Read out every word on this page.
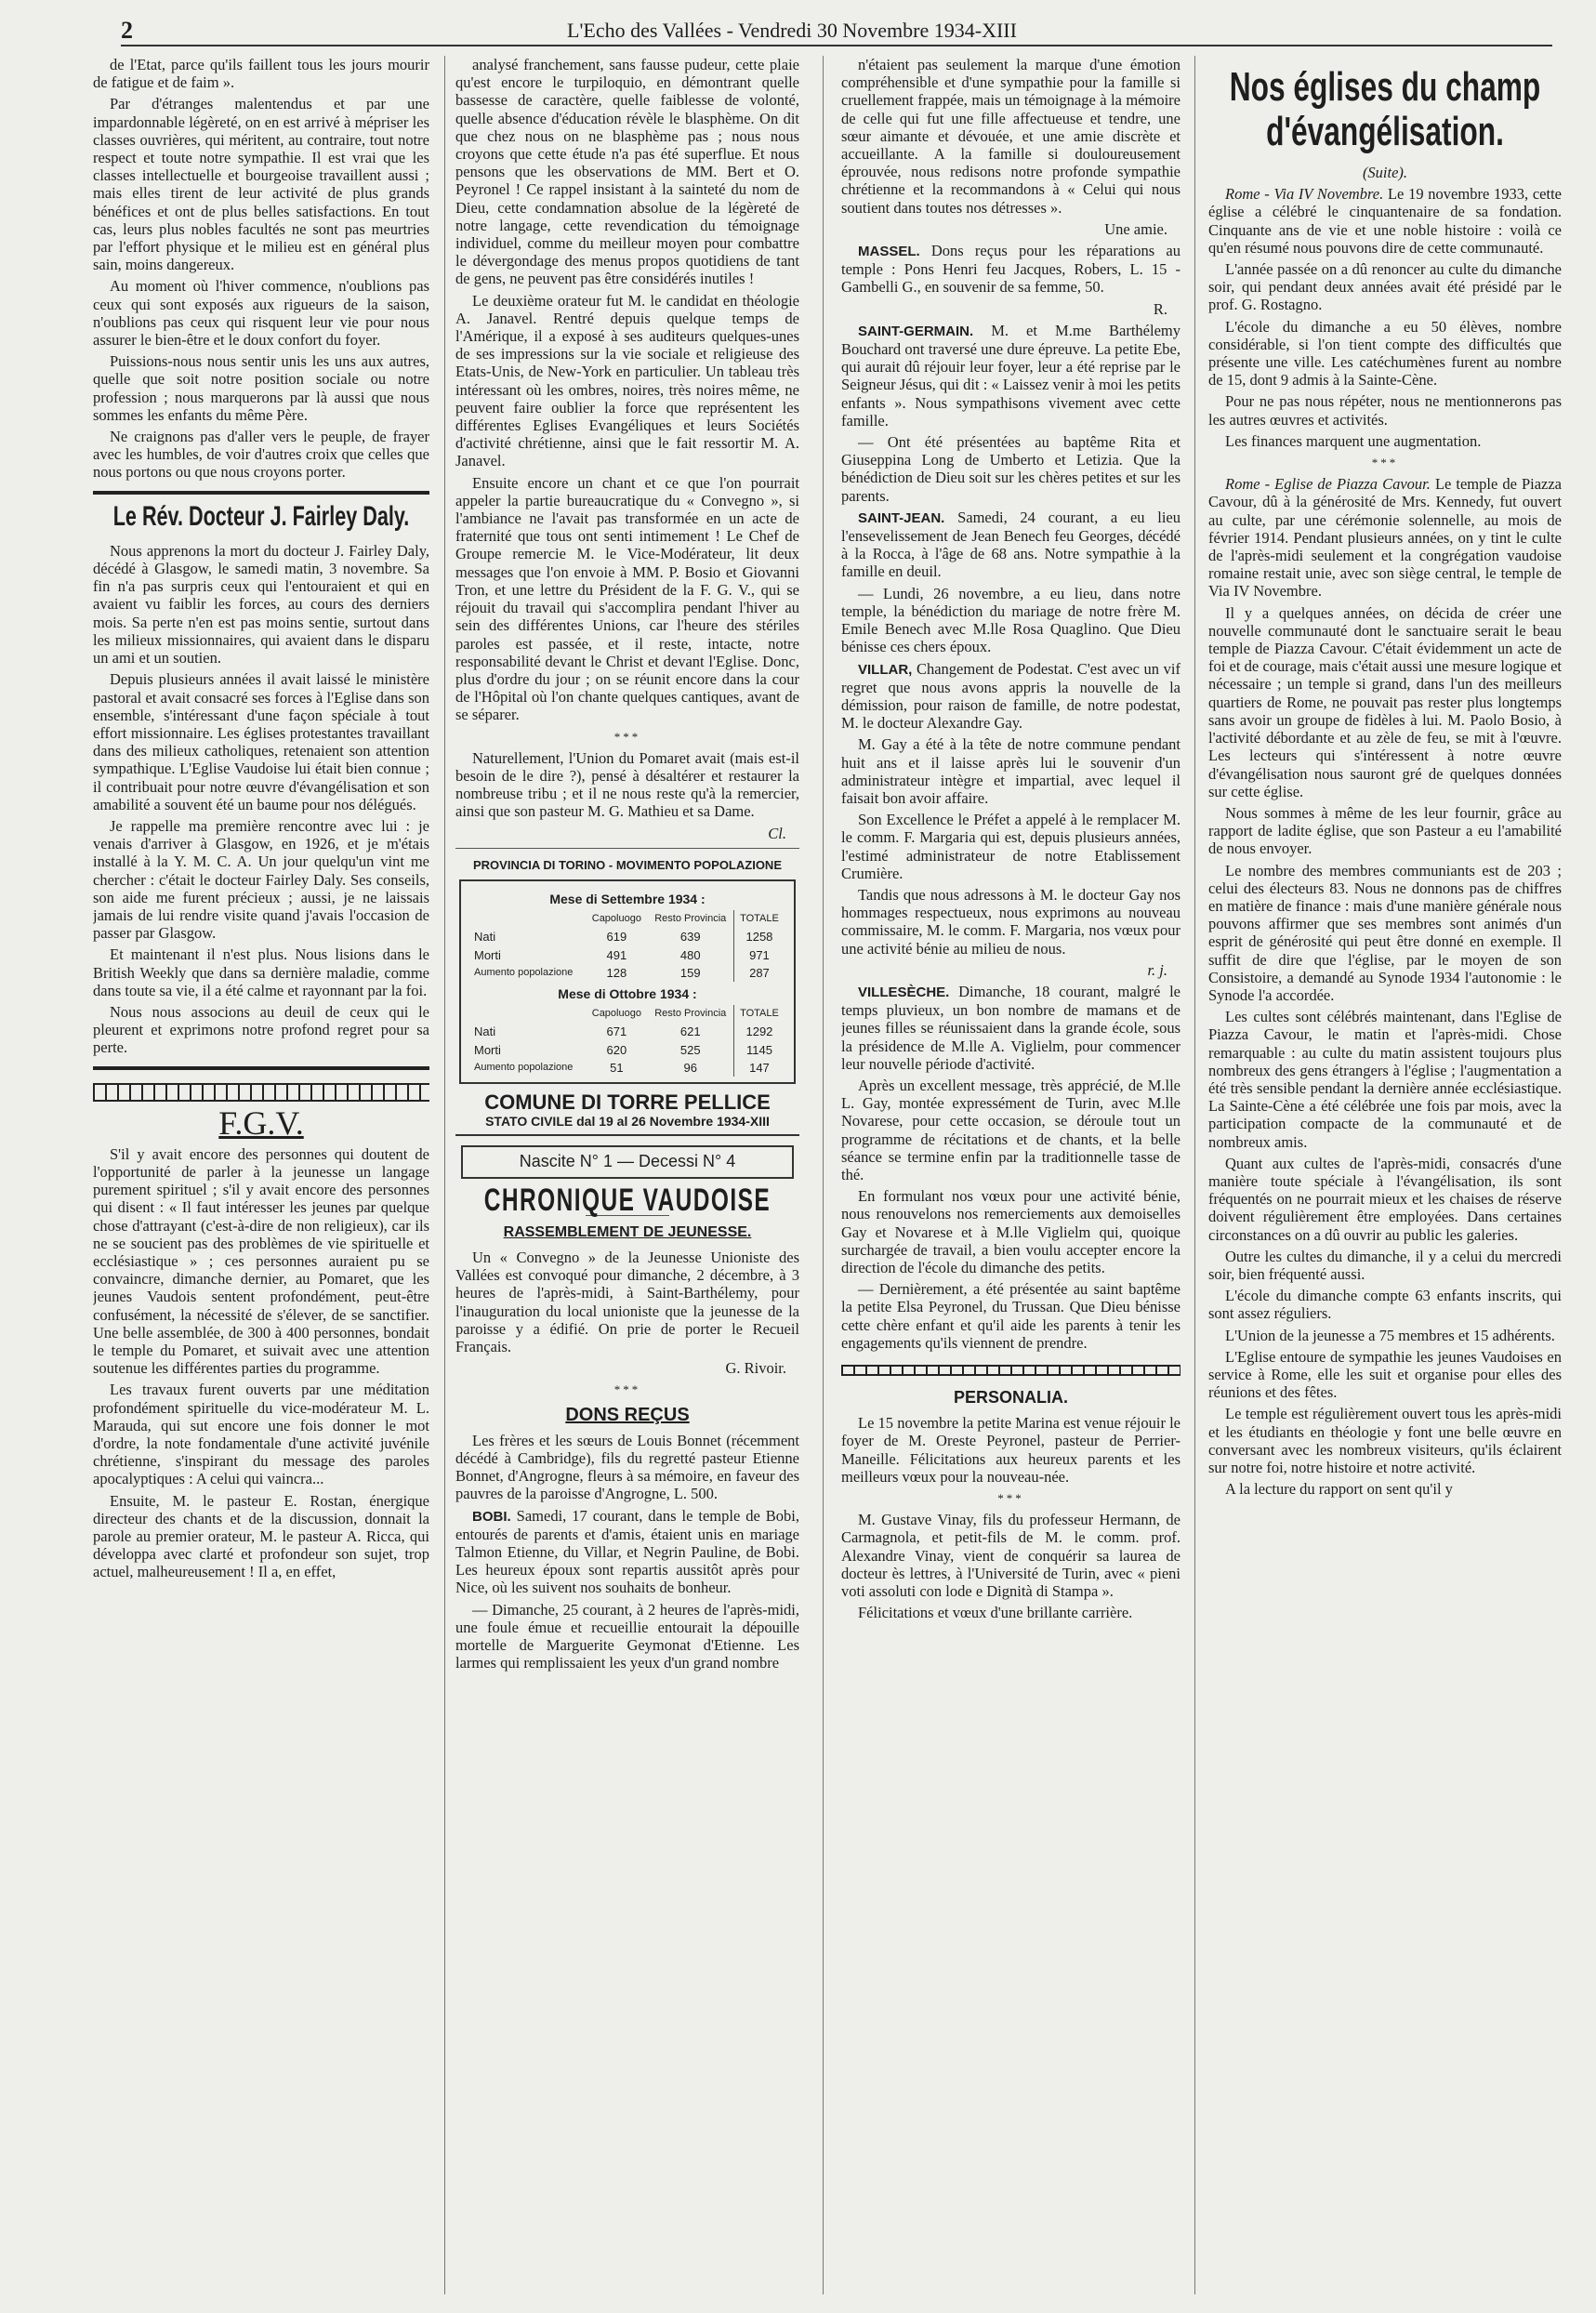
2	L'Echo des Vallées - Vendredi 30 Novembre 1934-XIII

de l'Etat, parce qu'ils faillent tous les jours mourir de fatigue et de faim ».

Par d'étranges malentendus et par une impardonnable légèreté, on en est arrivé à mépriser les classes ouvrières, qui méritent, au contraire, tout notre respect et toute notre sympathie. Il est vrai que les classes intellectuelle et bourgeoise travaillent aussi ; mais elles tirent de leur activité de plus grands bénéfices et ont de plus belles satisfactions. En tout cas, leurs plus nobles facultés ne sont pas meurtries par l'effort physique et le milieu est en général plus sain, moins dangereux.

Au moment où l'hiver commence, n'oublions pas ceux qui sont exposés aux rigueurs de la saison, n'oublions pas ceux qui risquent leur vie pour nous assurer le bien-être et le doux confort du foyer.

Puissions-nous nous sentir unis les uns aux autres, quelle que soit notre position sociale ou notre profession ; nous marquerons par là aussi que nous sommes les enfants du même Père.

Ne craignons pas d'aller vers le peuple, de frayer avec les humbles, de voir d'autres croix que celles que nous portons ou que nous croyons porter.

Le Rév. Docteur J. Fairley Daly.

Nous apprenons la mort du docteur J. Fairley Daly, décédé à Glasgow, le samedi matin, 3 novembre. Sa fin n'a pas surpris ceux qui l'entouraient et qui en avaient vu faiblir les forces, au cours des derniers mois. Sa perte n'en est pas moins sentie, surtout dans les milieux missionnaires, qui avaient dans le disparu un ami et un soutien.

Depuis plusieurs années il avait laissé le ministère pastoral et avait consacré ses forces à l'Eglise dans son ensemble, s'intéressant d'une façon spéciale à tout effort missionnaire. Les églises protestantes travaillant dans des milieux catholiques, retenaient son attention sympathique. L'Eglise Vaudoise lui était bien connue ; il contribuait pour notre œuvre d'évangélisation et son amabilité a souvent été un baume pour nos délégués.

Je rappelle ma première rencontre avec lui : je venais d'arriver à Glasgow, en 1926, et je m'étais installé à la Y. M. C. A. Un jour quelqu'un vint me chercher : c'était le docteur Fairley Daly. Ses conseils, son aide me furent précieux ; aussi, je ne laissais jamais de lui rendre visite quand j'avais l'occasion de passer par Glasgow.

Et maintenant il n'est plus. Nous lisions dans le British Weekly que dans sa dernière maladie, comme dans toute sa vie, il a été calme et rayonnant par la foi.

Nous nous associons au deuil de ceux qui le pleurent et exprimons notre profond regret pour sa perte.

F.G.V.

S'il y avait encore des personnes qui doutent de l'opportunité de parler à la jeunesse un langage purement spirituel ; s'il y avait encore des personnes qui disent : « Il faut intéresser les jeunes par quelque chose d'attrayant (c'est-à-dire de non religieux), car ils ne se soucient pas des problèmes de vie spirituelle et ecclésiastique » ; ces personnes auraient pu se convaincre, dimanche dernier, au Pomaret, que les jeunes Vaudois sentent profondément, peut-être confusément, la nécessité de s'élever, de se sanctifier. Une belle assemblée, de 300 à 400 personnes, bondait le temple du Pomaret, et suivait avec une attention soutenue les différentes parties du programme.

Les travaux furent ouverts par une méditation profondément spirituelle du vice-modérateur M. L. Marauda, qui sut encore une fois donner le mot d'ordre, la note fondamentale d'une activité juvénile chrétienne, s'inspirant du message des paroles apocalyptiques : A celui qui vaincra...

Ensuite, M. le pasteur E. Rostan, énergique directeur des chants et de la discussion, donnait la parole au premier orateur, M. le pasteur A. Ricca, qui développa avec clarté et profondeur son sujet, trop actuel, malheureusement ! Il a, en effet,

analysé franchement, sans fausse pudeur, cette plaie qu'est encore le turpiloquio, en démontrant quelle bassesse de caractère, quelle faiblesse de volonté, quelle absence d'éducation révèle le blasphème. On dit que chez nous on ne blasphème pas ; nous nous croyons que cette étude n'a pas été superflue. Et nous pensons que les observations de MM. Bert et O. Peyronel ! Ce rappel insistant à la sainteté du nom de Dieu, cette condamnation absolue de la légèreté de notre langage, cette revendication du témoignage individuel, comme du meilleur moyen pour combattre le dévergondage des menus propos quotidiens de tant de gens, ne peuvent pas être considérés inutiles !

Le deuxième orateur fut M. le candidat en théologie A. Janavel. Rentré depuis quelque temps de l'Amérique, il a exposé à ses auditeurs quelques-unes de ses impressions sur la vie sociale et religieuse des Etats-Unis, de New-York en particulier. Un tableau très intéressant où les ombres, noires, très noires même, ne peuvent faire oublier la force que représentent les différentes Eglises Evangéliques et leurs Sociétés d'activité chrétienne, ainsi que le fait ressortir M. A. Janavel.

Ensuite encore un chant et ce que l'on pourrait appeler la partie bureaucratique du « Convegno », si l'ambiance ne l'avait pas transformée en un acte de fraternité que tous ont senti intimement ! Le Chef de Groupe remercie M. le Vice-Modérateur, lit deux messages que l'on envoie à MM. P. Bosio et Giovanni Tron, et une lettre du Président de la F. G. V., qui se réjouit du travail qui s'accomplira pendant l'hiver au sein des différentes Unions, car l'heure des stériles paroles est passée, et il reste, intacte, notre responsabilité devant le Christ et devant l'Eglise. Donc, plus d'ordre du jour ; on se réunit encore dans la cour de l'Hôpital où l'on chante quelques cantiques, avant de se séparer.

***

Naturellement, l'Union du Pomaret avait (mais est-il besoin de le dire ?), pensé à désaltérer et restaurer la nombreuse tribu ; et il ne nous reste qu'à la remercier, ainsi que son pasteur M. G. Mathieu et sa Dame.

Cl.

PROVINCIA DI TORINO - MOVIMENTO POPOLAZIONE
Mese di Settembre 1934 :
	Capoluogo	Resto Provincia	TOTALE
Nati	619	639	1258
Morti	491	480	971
Aumento popolazione	128	159	287
Mese di Ottobre 1934 :
	Capoluogo	Resto Provincia	TOTALE
Nati	671	621	1292
Morti	620	525	1145
Aumento popolazione	51	96	147
COMUNE DI TORRE PELLICE
STATO CIVILE dal 19 al 26 Novembre 1934-XIII
Nascite N° 1 — Decessi N° 4
CHRONIQUE VAUDOISE
RASSEMBLEMENT DE JEUNESSE.

Un « Convegno » de la Jeunesse Unioniste des Vallées est convoqué pour dimanche, 2 décembre, à 3 heures de l'après-midi, à Saint-Barthélemy, pour l'inauguration du local unioniste que la jeunesse de la paroisse y a édifié. On prie de porter le Recueil Français.

G. Rivoir.

***

DONS REÇUS

Les frères et les sœurs de Louis Bonnet (récemment décédé à Cambridge), fils du regretté pasteur Etienne Bonnet, d'Angrogne, fleurs à sa mémoire, en faveur des pauvres de la paroisse d'Angrogne, L. 500.

BOBI. Samedi, 17 courant, dans le temple de Bobi, entourés de parents et d'amis, étaient unis en mariage Talmon Etienne, du Villar, et Negrin Pauline, de Bobi. Les heureux époux sont repartis aussitôt après pour Nice, où les suivent nos souhaits de bonheur.

— Dimanche, 25 courant, à 2 heures de l'après-midi, une foule émue et recueillie entourait la dépouille mortelle de Marguerite Geymonat d'Etienne. Les larmes qui remplissaient les yeux d'un grand nombre

n'étaient pas seulement la marque d'une émotion compréhensible et d'une sympathie pour la famille si cruellement frappée, mais un témoignage à la mémoire de celle qui fut une fille affectueuse et tendre, une sœur aimante et dévouée, et une amie discrète et accueillante. A la famille si douloureusement éprouvée, nous redisons notre profonde sympathie chrétienne et la recommandons à « Celui qui nous soutient dans toutes nos détresses ».

Une amie.

MASSEL. Dons reçus pour les réparations au temple : Pons Henri feu Jacques, Robers, L. 15 - Gambelli G., en souvenir de sa femme, 50.

R.

SAINT-GERMAIN. M. et M.me Barthélemy Bouchard ont traversé une dure épreuve. La petite Ebe, qui aurait dû réjouir leur foyer, leur a été reprise par le Seigneur Jésus, qui dit : « Laissez venir à moi les petits enfants ». Nous sympathisons vivement avec cette famille.

— Ont été présentées au baptême Rita et Giuseppina Long de Umberto et Letizia. Que la bénédiction de Dieu soit sur les chères petites et sur les parents.

SAINT-JEAN. Samedi, 24 courant, a eu lieu l'ensevelissement de Jean Benech feu Georges, décédé à la Rocca, à l'âge de 68 ans. Notre sympathie à la famille en deuil.

— Lundi, 26 novembre, a eu lieu, dans notre temple, la bénédiction du mariage de notre frère M. Emile Benech avec M.lle Rosa Quaglino. Que Dieu bénisse ces chers époux.

VILLAR, Changement de Podestat. C'est avec un vif regret que nous avons appris la nouvelle de la démission, pour raison de famille, de notre podestat, M. le docteur Alexandre Gay.

M. Gay a été à la tête de notre commune pendant huit ans et il laisse après lui le souvenir d'un administrateur intègre et impartial, avec lequel il faisait bon avoir affaire.

Son Excellence le Préfet a appelé à le remplacer M. le comm. F. Margaria qui est, depuis plusieurs années, l'estimé administrateur de notre Etablissement Crumière.

Tandis que nous adressons à M. le docteur Gay nos hommages respectueux, nous exprimons au nouveau commissaire, M. le comm. F. Margaria, nos vœux pour une activité bénie au milieu de nous.

r. j.

VILLESÈCHE. Dimanche, 18 courant, malgré le temps pluvieux, un bon nombre de mamans et de jeunes filles se réunissaient dans la grande école, sous la présidence de M.lle A. Viglielm, pour commencer leur nouvelle période d'activité.

Après un excellent message, très apprécié, de M.lle L. Gay, montée expressément de Turin, avec M.lle Novarese, pour cette occasion, se déroule tout un programme de récitations et de chants, et la belle séance se termine enfin par la traditionnelle tasse de thé.

En formulant nos vœux pour une activité bénie, nous renouvelons nos remerciements aux demoiselles Gay et Novarese et à M.lle Viglielm qui, quoique surchargée de travail, a bien voulu accepter encore la direction de l'école du dimanche des petits.

— Dernièrement, a été présentée au saint baptême la petite Elsa Peyronel, du Trussan. Que Dieu bénisse cette chère enfant et qu'il aide les parents à tenir les engagements qu'ils viennent de prendre.

PERSONALIA.

Le 15 novembre la petite Marina est venue réjouir le foyer de M. Oreste Peyronel, pasteur de Perrier-Maneille. Félicitations aux heureux parents et les meilleurs vœux pour la nouveau-née.

***

M. Gustave Vinay, fils du professeur Hermann, de Carmagnola, et petit-fils de M. le comm. prof. Alexandre Vinay, vient de conquérir sa laurea de docteur ès lettres, à l'Université de Turin, avec « pieni voti assoluti con lode e Dignità di Stampa ».

Félicitations et vœux d'une brillante carrière.

Nos églises du champ d'évangélisation.

(Suite).

Rome - Via IV Novembre. Le 19 novembre 1933, cette église a célébré le cinquantenaire de sa fondation. Cinquante ans de vie et une noble histoire : voilà ce qu'en résumé nous pouvons dire de cette communauté.

L'année passée on a dû renoncer au culte du dimanche soir, qui pendant deux années avait été présidé par le prof. G. Rostagno.

L'école du dimanche a eu 50 élèves, nombre considérable, si l'on tient compte des difficultés que présente une ville. Les catéchumènes furent au nombre de 15, dont 9 admis à la Sainte-Cène.

Pour ne pas nous répéter, nous ne mentionnerons pas les autres œuvres et activités.

Les finances marquent une augmentation.

***

Rome - Eglise de Piazza Cavour. Le temple de Piazza Cavour, dû à la générosité de Mrs. Kennedy, fut ouvert au culte, par une cérémonie solennelle, au mois de février 1914. Pendant plusieurs années, on y tint le culte de l'après-midi seulement et la congrégation vaudoise romaine restait unie, avec son siège central, le temple de Via IV Novembre.

Il y a quelques années, on décida de créer une nouvelle communauté dont le sanctuaire serait le beau temple de Piazza Cavour. C'était évidemment un acte de foi et de courage, mais c'était aussi une mesure logique et nécessaire ; un temple si grand, dans l'un des meilleurs quartiers de Rome, ne pouvait pas rester plus longtemps sans avoir un groupe de fidèles à lui. M. Paolo Bosio, à l'activité débordante et au zèle de feu, se mit à l'œuvre. Les lecteurs qui s'intéressent à notre œuvre d'évangélisation nous sauront gré de quelques données sur cette église.

Nous sommes à même de les leur fournir, grâce au rapport de ladite église, que son Pasteur a eu l'amabilité de nous envoyer.

Le nombre des membres communiants est de 203 ; celui des électeurs 83. Nous ne donnons pas de chiffres en matière de finance : mais d'une manière générale nous pouvons affirmer que ses membres sont animés d'un esprit de générosité qui peut être donné en exemple. Il suffit de dire que l'église, par le moyen de son Consistoire, a demandé au Synode 1934 l'autonomie : le Synode l'a accordée.

Les cultes sont célébrés maintenant, dans l'Eglise de Piazza Cavour, le matin et l'après-midi. Chose remarquable : au culte du matin assistent toujours plus nombreux des gens étrangers à l'église ; l'augmentation a été très sensible pendant la dernière année ecclésiastique. La Sainte-Cène a été célébrée une fois par mois, avec la participation compacte de la communauté et de nombreux amis.

Quant aux cultes de l'après-midi, consacrés d'une manière toute spéciale à l'évangélisation, ils sont fréquentés on ne pourrait mieux et les chaises de réserve doivent régulièrement être employées. Dans certaines circonstances on a dû ouvrir au public les galeries.

Outre les cultes du dimanche, il y a celui du mercredi soir, bien fréquenté aussi.

L'école du dimanche compte 63 enfants inscrits, qui sont assez réguliers.

L'Union de la jeunesse a 75 membres et 15 adhérents.

L'Eglise entoure de sympathie les jeunes Vaudoises en service à Rome, elle les suit et organise pour elles des réunions et des fêtes.

Le temple est régulièrement ouvert tous les après-midi et les étudiants en théologie y font une belle œuvre en conversant avec les nombreux visiteurs, qu'ils éclairent sur notre foi, notre histoire et notre activité.

A la lecture du rapport on sent qu'il y
